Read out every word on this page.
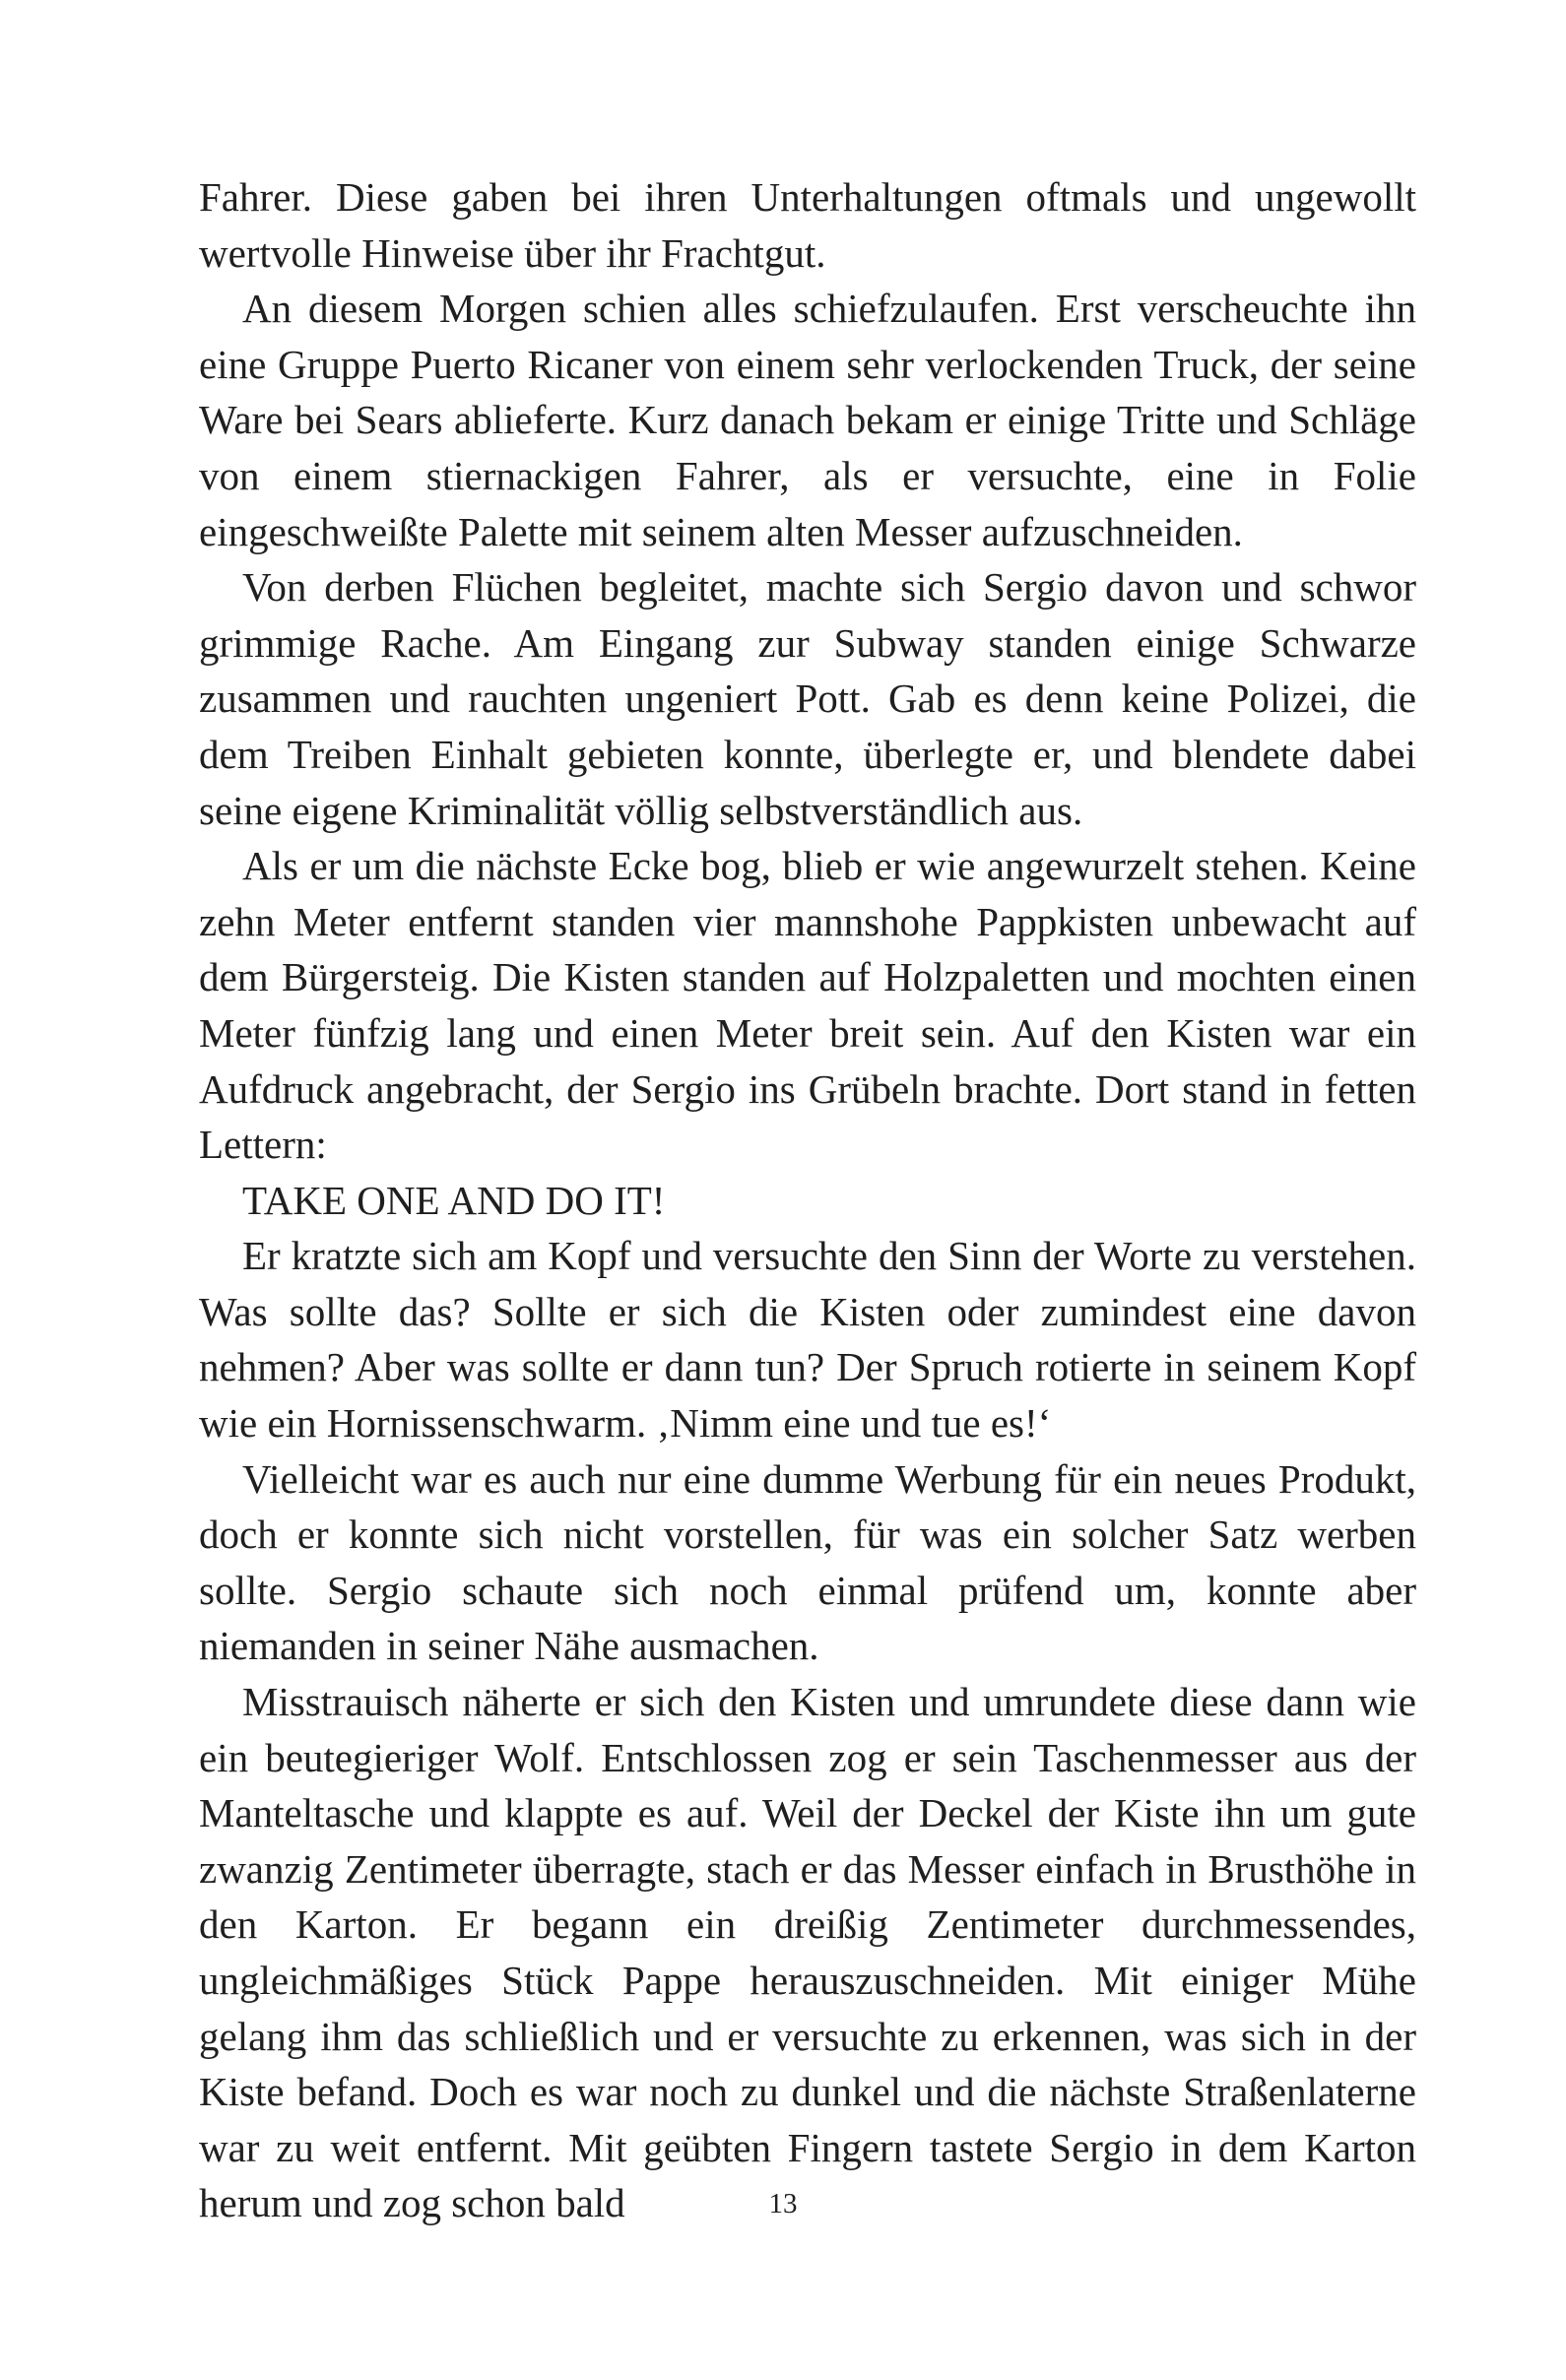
Fahrer. Diese gaben bei ihren Unterhaltungen oftmals und ungewollt wertvolle Hinweise über ihr Frachtgut.

An diesem Morgen schien alles schiefzulaufen. Erst verscheuchte ihn eine Gruppe Puerto Ricaner von einem sehr verlockenden Truck, der seine Ware bei Sears ablieferte. Kurz danach bekam er einige Tritte und Schläge von einem stiernackigen Fahrer, als er versuchte, eine in Folie eingeschweißte Palette mit seinem alten Messer aufzuschneiden.

Von derben Flüchen begleitet, machte sich Sergio davon und schwor grimmige Rache. Am Eingang zur Subway standen einige Schwarze zusammen und rauchten ungeniert Pott. Gab es denn keine Polizei, die dem Treiben Einhalt gebieten konnte, überlegte er, und blendete dabei seine eigene Kriminalität völlig selbstverständlich aus.

Als er um die nächste Ecke bog, blieb er wie angewurzelt stehen. Keine zehn Meter entfernt standen vier mannshohe Pappkisten unbewacht auf dem Bürgersteig. Die Kisten standen auf Holzpaletten und mochten einen Meter fünfzig lang und einen Meter breit sein. Auf den Kisten war ein Aufdruck angebracht, der Sergio ins Grübeln brachte. Dort stand in fetten Lettern:

TAKE ONE AND DO IT!

Er kratzte sich am Kopf und versuchte den Sinn der Worte zu verstehen. Was sollte das? Sollte er sich die Kisten oder zumindest eine davon nehmen? Aber was sollte er dann tun? Der Spruch rotierte in seinem Kopf wie ein Hornissenschwarm. ‚Nimm eine und tue es!‘

Vielleicht war es auch nur eine dumme Werbung für ein neues Produkt, doch er konnte sich nicht vorstellen, für was ein solcher Satz werben sollte. Sergio schaute sich noch einmal prüfend um, konnte aber niemanden in seiner Nähe ausmachen.

Misstrauisch näherte er sich den Kisten und umrundete diese dann wie ein beutegieriger Wolf. Entschlossen zog er sein Taschenmesser aus der Manteltasche und klappte es auf. Weil der Deckel der Kiste ihn um gute zwanzig Zentimeter überragte, stach er das Messer einfach in Brusthöhe in den Karton. Er begann ein dreißig Zentimeter durchmessendes, ungleichmäßiges Stück Pappe herauszuschneiden. Mit einiger Mühe gelang ihm das schließlich und er versuchte zu erkennen, was sich in der Kiste befand. Doch es war noch zu dunkel und die nächste Straßenlaterne war zu weit entfernt. Mit geübten Fingern tastete Sergio in dem Karton herum und zog schon bald	13
